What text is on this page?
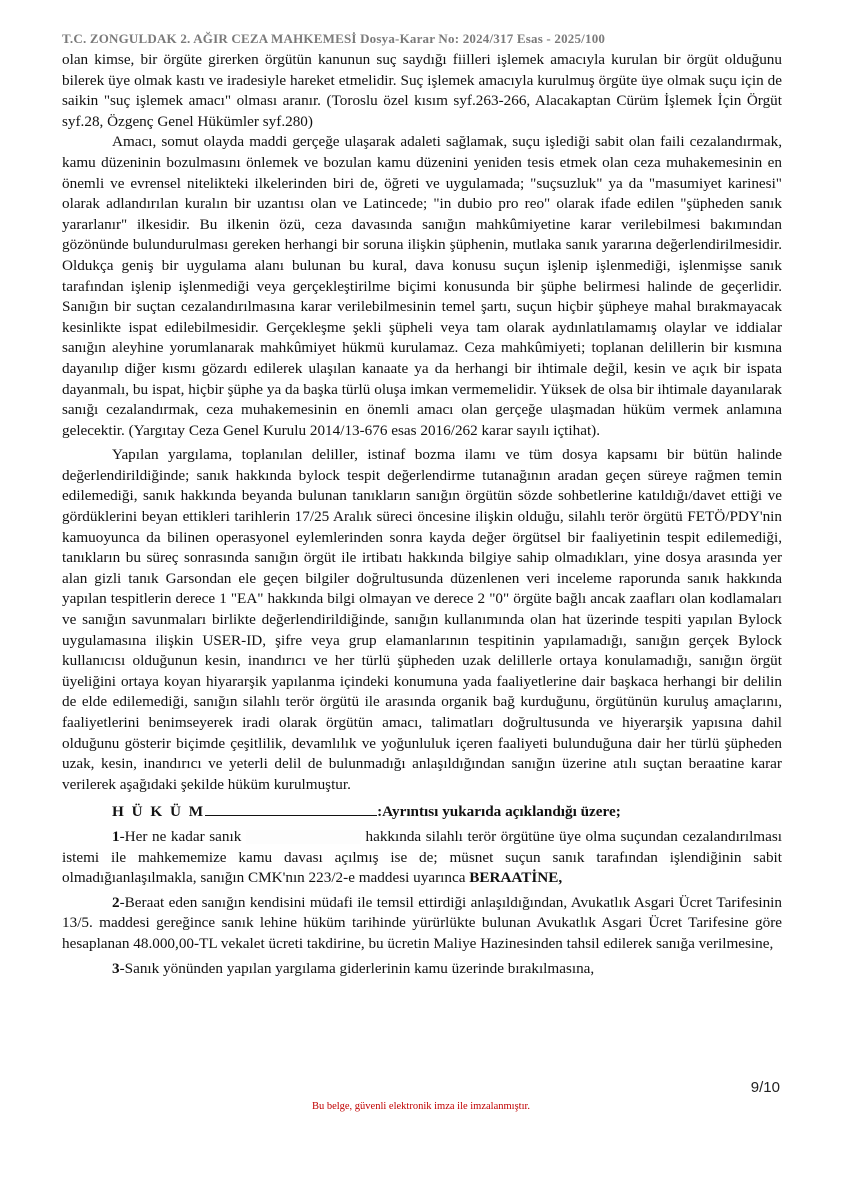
T.C. ZONGULDAK 2. AĞIR CEZA MAHKEMESİ Dosya-Karar No: 2024/317 Esas - 2025/100

olan kimse, bir örgüte girerken örgütün kanunun suç saydığı fiilleri işlemek amacıyla kurulan bir örgüt olduğunu bilerek üye olmak kastı ve iradesiyle hareket etmelidir. Suç işlemek amacıyla kurulmuş örgüte üye olmak suçu için de saikin "suç işlemek amacı" olması aranır. (Toroslu özel kısım syf.263-266, Alacakaptan Cürüm İşlemek İçin Örgüt syf.28, Özgenç Genel Hükümler syf.280)

Amacı, somut olayda maddi gerçeğe ulaşarak adaleti sağlamak, suçu işlediği sabit olan faili cezalandırmak, kamu düzeninin bozulmasını önlemek ve bozulan kamu düzenini yeniden tesis etmek olan ceza muhakemesinin en önemli ve evrensel nitelikteki ilkelerinden biri de, öğreti ve uygulamada; "suçsuzluk" ya da "masumiyet karinesi" olarak adlandırılan kuralın bir uzantısı olan ve Latincede; "in dubio pro reo" olarak ifade edilen "şüpheden sanık yararlanır" ilkesidir. Bu ilkenin özü, ceza davasında sanığın mahkûmiyetine karar verilebilmesi bakımından gözönünde bulundurulması gereken herhangi bir soruna ilişkin şüphenin, mutlaka sanık yararına değerlendirilmesidir. Oldukça geniş bir uygulama alanı bulunan bu kural, dava konusu suçun işlenip işlenmediği, işlenmişse sanık tarafından işlenip işlenmediği veya gerçekleştirilme biçimi konusunda bir şüphe belirmesi halinde de geçerlidir. Sanığın bir suçtan cezalandırılmasına karar verilebilmesinin temel şartı, suçun hiçbir şüpheye mahal bırakmayacak kesinlikte ispat edilebilmesidir. Gerçekleşme şekli şüpheli veya tam olarak aydınlatılamamış olaylar ve iddialar sanığın aleyhine yorumlanarak mahkûmiyet hükmü kurulamaz. Ceza mahkûmiyeti; toplanan delillerin bir kısmına dayanılıp diğer kısmı gözardı edilerek ulaşılan kanaate ya da herhangi bir ihtimale değil, kesin ve açık bir ispata dayanmalı, bu ispat, hiçbir şüphe ya da başka türlü oluşa imkan vermemelidir. Yüksek de olsa bir ihtimale dayanılarak sanığı cezalandırmak, ceza muhakemesinin en önemli amacı olan gerçeğe ulaşmadan hüküm vermek anlamına gelecektir. (Yargıtay Ceza Genel Kurulu 2014/13-676 esas 2016/262 karar sayılı içtihat).

Yapılan yargılama, toplanılan deliller, istinaf bozma ilamı ve tüm dosya kapsamı bir bütün halinde değerlendirildiğinde; sanık hakkında bylock tespit değerlendirme tutanağının aradan geçen süreye rağmen temin edilemediği, sanık hakkında beyanda bulunan tanıkların sanığın örgütün sözde sohbetlerine katıldığı/davet ettiği ve gördüklerini beyan ettikleri tarihlerin 17/25 Aralık süreci öncesine ilişkin olduğu, silahlı terör örgütü FETÖ/PDY'nin kamuoyunca da bilinen operasyonel eylemlerinden sonra kayda değer örgütsel bir faaliyetinin tespit edilemediği, tanıkların bu süreç sonrasında sanığın örgüt ile irtibatı hakkında bilgiye sahip olmadıkları, yine dosya arasında yer alan gizli tanık Garsondan ele geçen bilgiler doğrultusunda düzenlenen veri inceleme raporunda sanık hakkında yapılan tespitlerin derece 1 "EA" hakkında bilgi olmayan ve derece 2 "0" örgüte bağlı ancak zaafları olan kodlamaları ve sanığın savunmaları birlikte değerlendirildiğinde, sanığın kullanımında olan hat üzerinde tespiti yapılan Bylock uygulamasına ilişkin USER-ID, şifre veya grup elamanlarının tespitinin yapılamadığı, sanığın gerçek Bylock kullanıcısı olduğunun kesin, inandırıcı ve her türlü şüpheden uzak delillerle ortaya konulamadığı, sanığın örgüt üyeliğini ortaya koyan hiyararşik yapılanma içindeki konumuna yada faaliyetlerine dair başkaca herhangi bir delilin de elde edilemediği, sanığın silahlı terör örgütü ile arasında organik bağ kurduğunu, örgütünün kuruluş amaçlarını, faaliyetlerini benimseyerek iradi olarak örgütün amacı, talimatları doğrultusunda ve hiyerarşik yapısına dahil olduğunu gösterir biçimde çeşitlilik, devamlılık ve yoğunluluk içeren faaliyeti bulunduğuna dair her türlü şüpheden uzak, kesin, inandırıcı ve yeterli delil de bulunmadığı anlaşıldığından sanığın üzerine atılı suçtan beraatine karar verilerek aşağıdaki şekilde hüküm kurulmuştur.

H Ü K Ü M	:Ayrıntısı yukarıda açıklandığı üzere;

1-Her ne kadar sanık	hakkında silahlı terör örgütüne üye olma suçundan cezalandırılması istemi ile mahkememize kamu davası açılmış ise de; müsnet suçun sanık tarafından işlendiğinin sabit olmadığıanlaşılmakla, sanığın CMK'nın 223/2-e maddesi uyarınca BERAATİNE,

2-Beraat eden sanığın kendisini müdafi ile temsil ettirdiği anlaşıldığından, Avukatlık Asgari Ücret Tarifesinin 13/5. maddesi gereğince sanık lehine hüküm tarihinde yürürlükte bulunan Avukatlık Asgari Ücret Tarifesine göre hesaplanan 48.000,00-TL vekalet ücreti takdirine, bu ücretin Maliye Hazinesinden tahsil edilerek sanığa verilmesine,

3-Sanık yönünden yapılan yargılama giderlerinin kamu üzerinde bırakılmasına,

9/10
Bu belge, güvenli elektronik imza ile imzalanmıştır.
